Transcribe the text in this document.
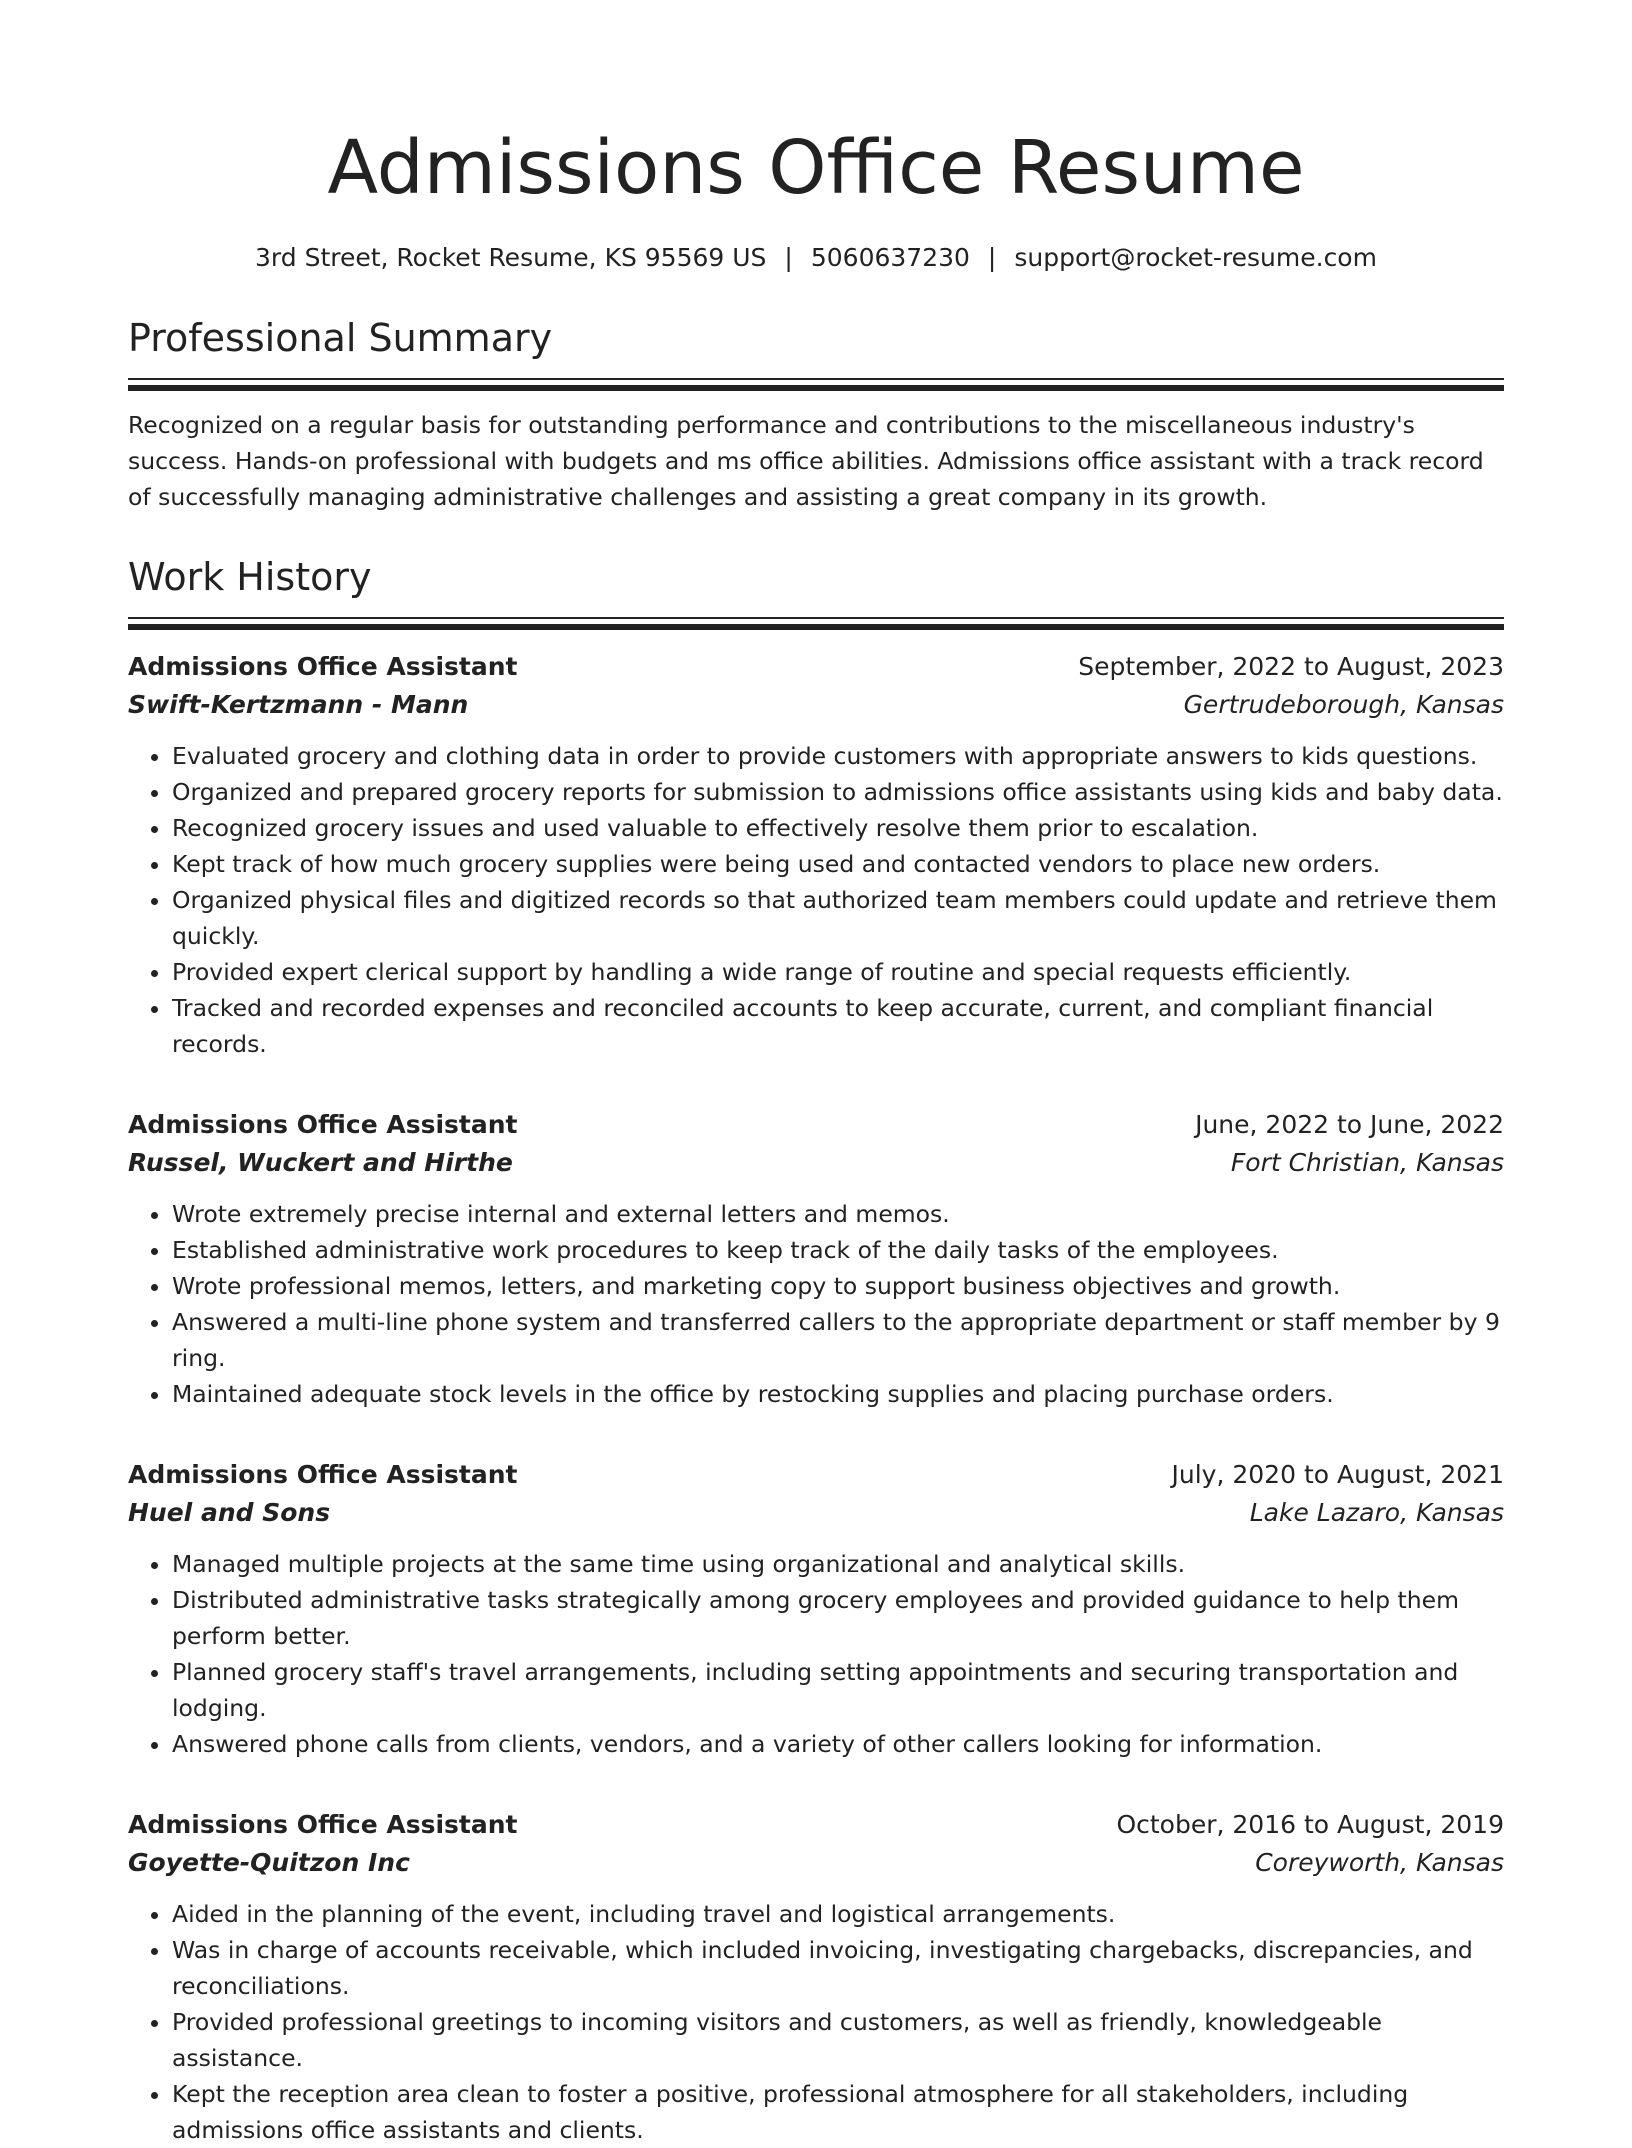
Admissions Office Resume
3rd Street, Rocket Resume, KS 95569 US | 5060637230 | support@rocket-resume.com
Professional Summary
Recognized on a regular basis for outstanding performance and contributions to the miscellaneous industry's success. Hands-on professional with budgets and ms office abilities. Admissions office assistant with a track record of successfully managing administrative challenges and assisting a great company in its growth.
Work History
Admissions Office Assistant	September, 2022 to August, 2023
Swift-Kertzmann - Mann	Gertrudeborough, Kansas
• Evaluated grocery and clothing data in order to provide customers with appropriate answers to kids questions.
• Organized and prepared grocery reports for submission to admissions office assistants using kids and baby data.
• Recognized grocery issues and used valuable to effectively resolve them prior to escalation.
• Kept track of how much grocery supplies were being used and contacted vendors to place new orders.
• Organized physical files and digitized records so that authorized team members could update and retrieve them quickly.
• Provided expert clerical support by handling a wide range of routine and special requests efficiently.
• Tracked and recorded expenses and reconciled accounts to keep accurate, current, and compliant financial records.
Admissions Office Assistant	June, 2022 to June, 2022
Russel, Wuckert and Hirthe	Fort Christian, Kansas
• Wrote extremely precise internal and external letters and memos.
• Established administrative work procedures to keep track of the daily tasks of the employees.
• Wrote professional memos, letters, and marketing copy to support business objectives and growth.
• Answered a multi-line phone system and transferred callers to the appropriate department or staff member by 9 ring.
• Maintained adequate stock levels in the office by restocking supplies and placing purchase orders.
Admissions Office Assistant	July, 2020 to August, 2021
Huel and Sons	Lake Lazaro, Kansas
• Managed multiple projects at the same time using organizational and analytical skills.
• Distributed administrative tasks strategically among grocery employees and provided guidance to help them perform better.
• Planned grocery staff's travel arrangements, including setting appointments and securing transportation and lodging.
• Answered phone calls from clients, vendors, and a variety of other callers looking for information.
Admissions Office Assistant	October, 2016 to August, 2019
Goyette-Quitzon Inc	Coreyworth, Kansas
• Aided in the planning of the event, including travel and logistical arrangements.
• Was in charge of accounts receivable, which included invoicing, investigating chargebacks, discrepancies, and reconciliations.
• Provided professional greetings to incoming visitors and customers, as well as friendly, knowledgeable assistance.
• Kept the reception area clean to foster a positive, professional atmosphere for all stakeholders, including admissions office assistants and clients.
